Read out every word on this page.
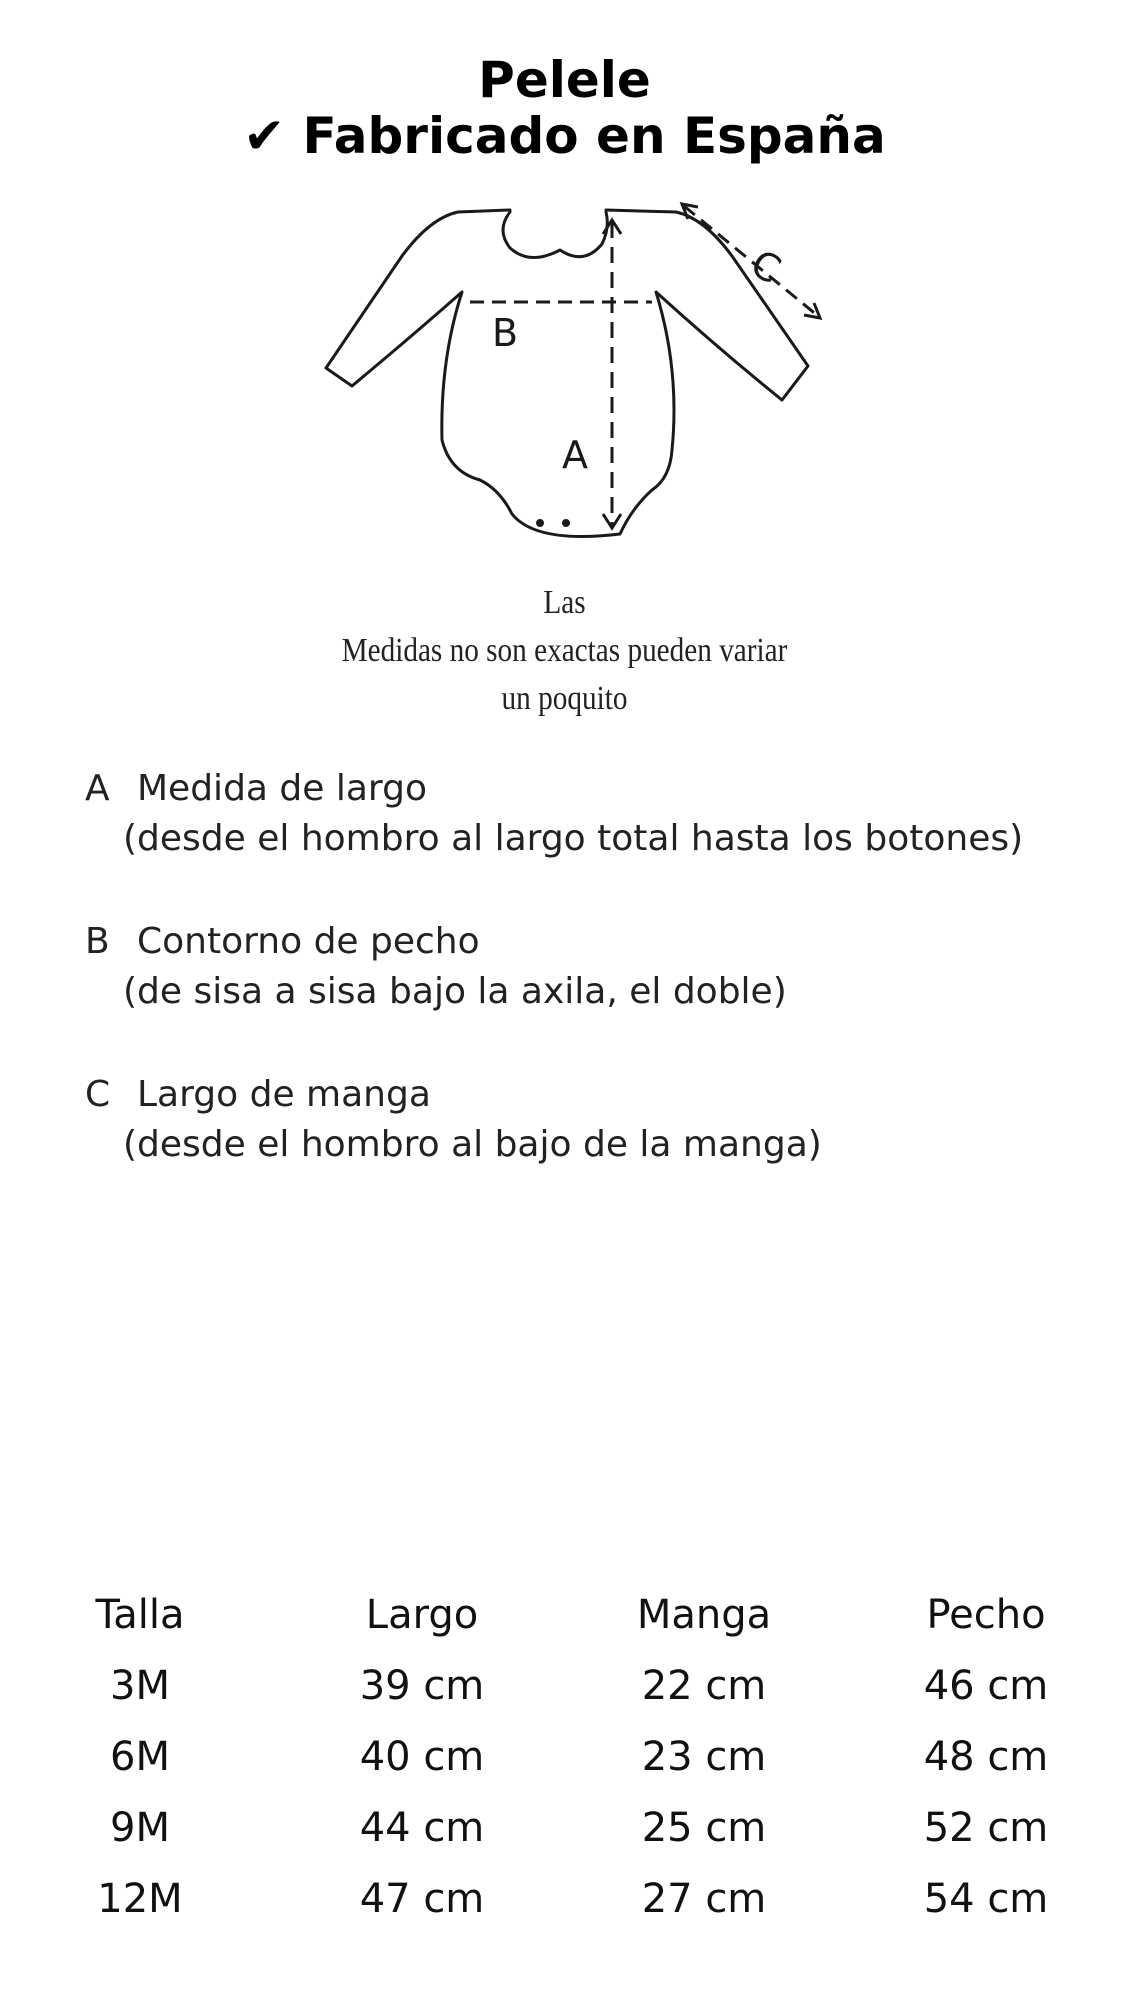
Pelele
✔ Fabricado en España
B
A
C
Las
Medidas no son exactas pueden variar
un poquito
A Medida de largo
(desde el hombro al largo total hasta los botones)
B Contorno de pecho
(de sisa a sisa bajo la axila, el doble)
C Largo de manga
(desde el hombro al bajo de la manga)
Talla	Largo	Manga	Pecho
3M	39 cm	22 cm	46 cm
6M	40 cm	23 cm	48 cm
9M	44 cm	25 cm	52 cm
12M	47 cm	27 cm	54 cm
